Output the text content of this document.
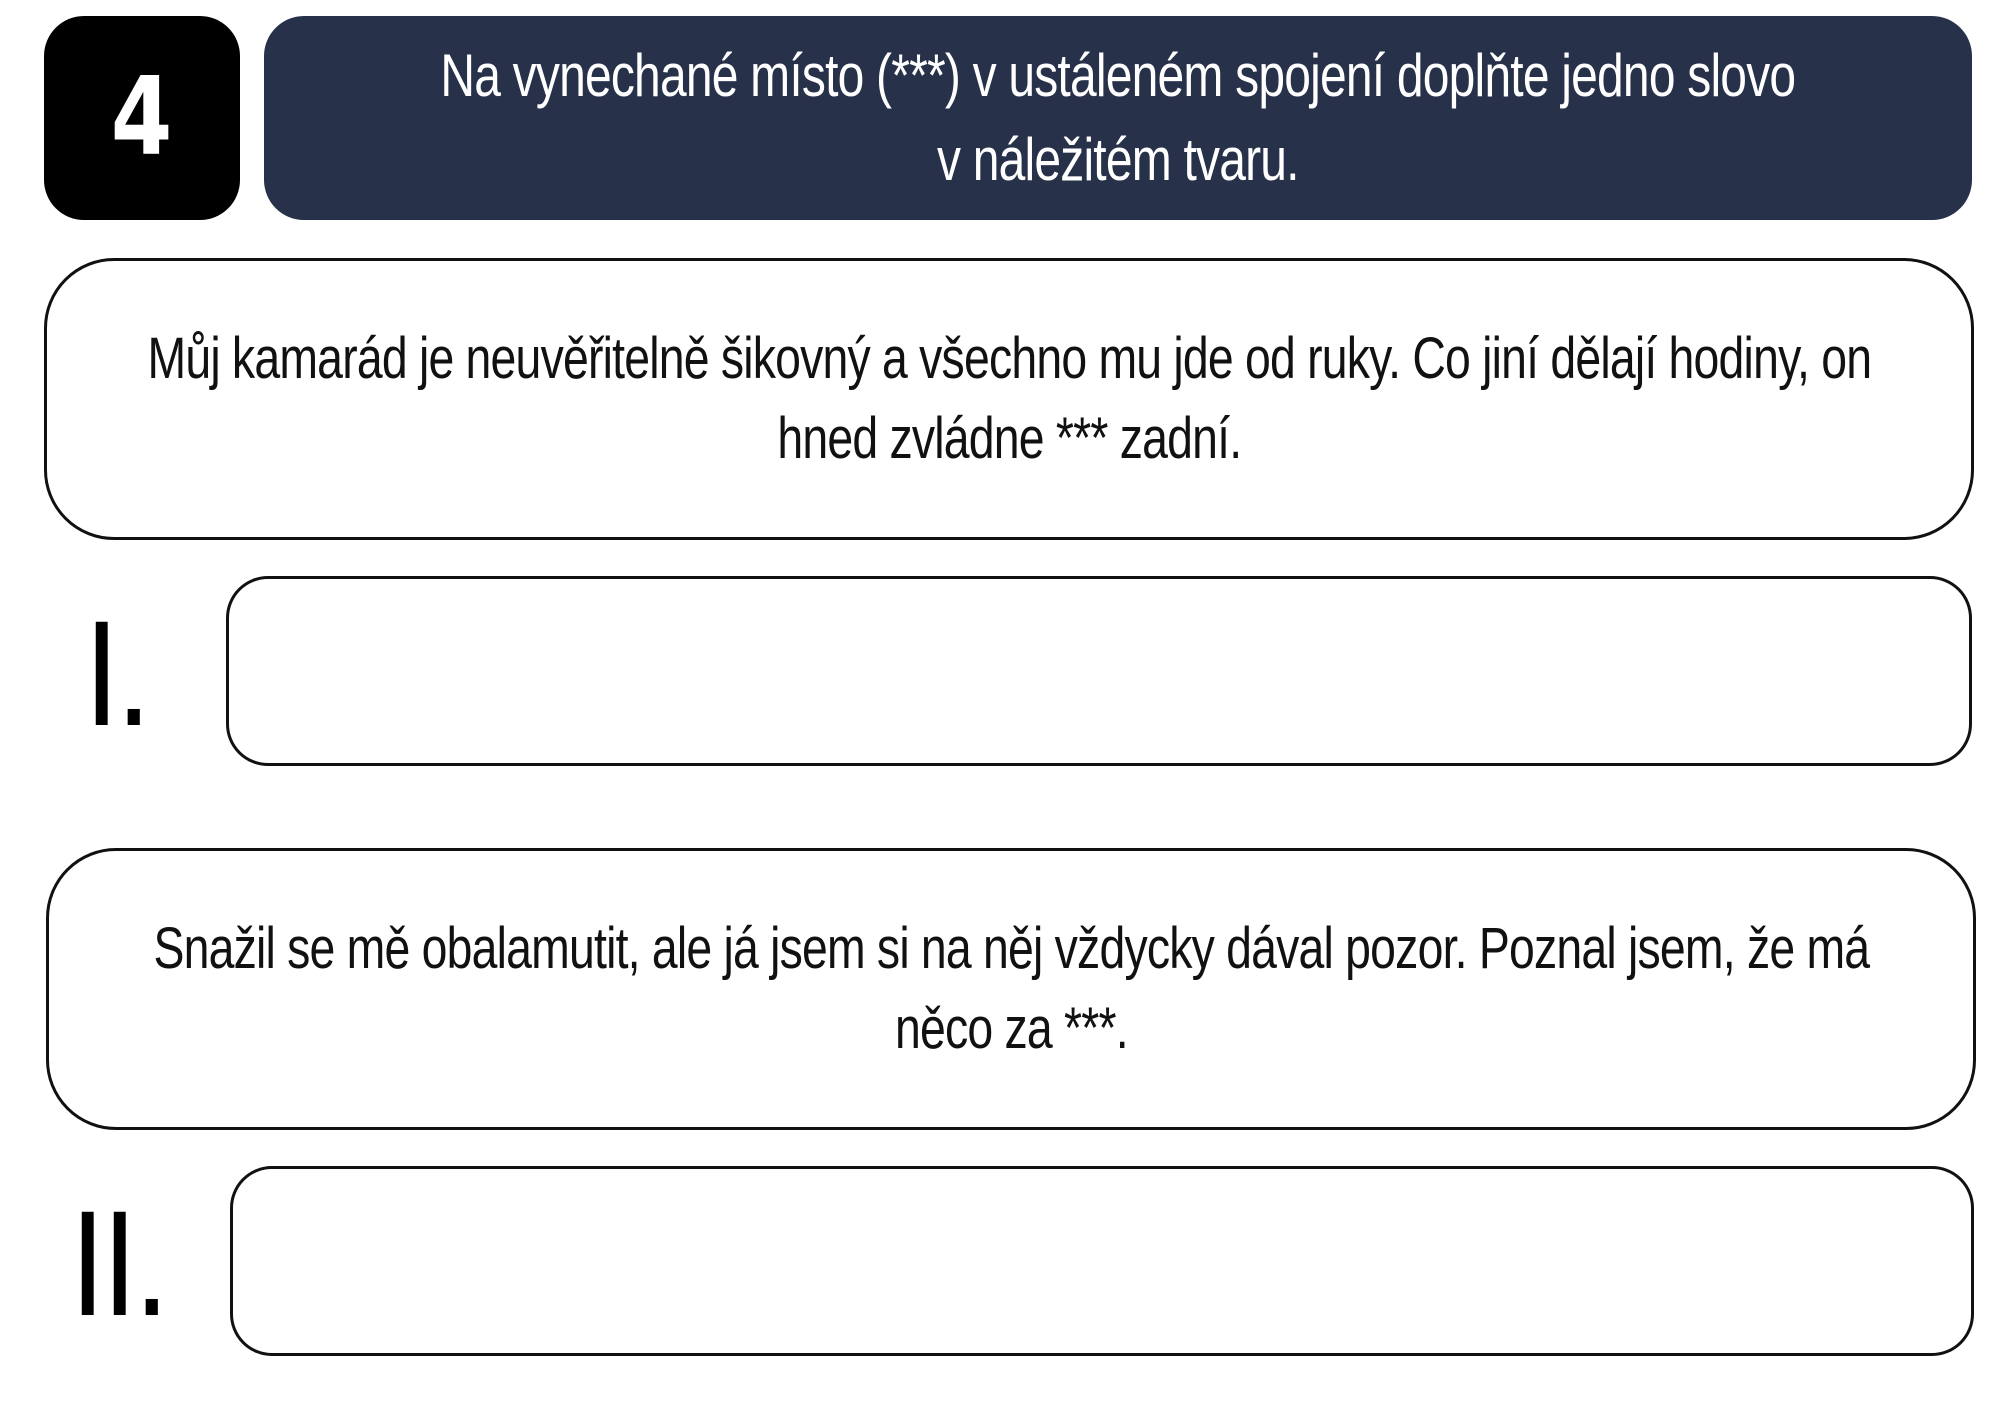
4	Na vynechané místo (***) v ustáleném spojení doplňte jedno slovo
v náležitém tvaru.

Můj kamarád je neuvěřitelně šikovný a všechno mu jde od ruky. Co jiní dělají hodiny, on
hned zvládne *** zadní.

I.

Snažil se mě obalamutit, ale já jsem si na něj vždycky dával pozor. Poznal jsem, že má
něco za ***.

II.
